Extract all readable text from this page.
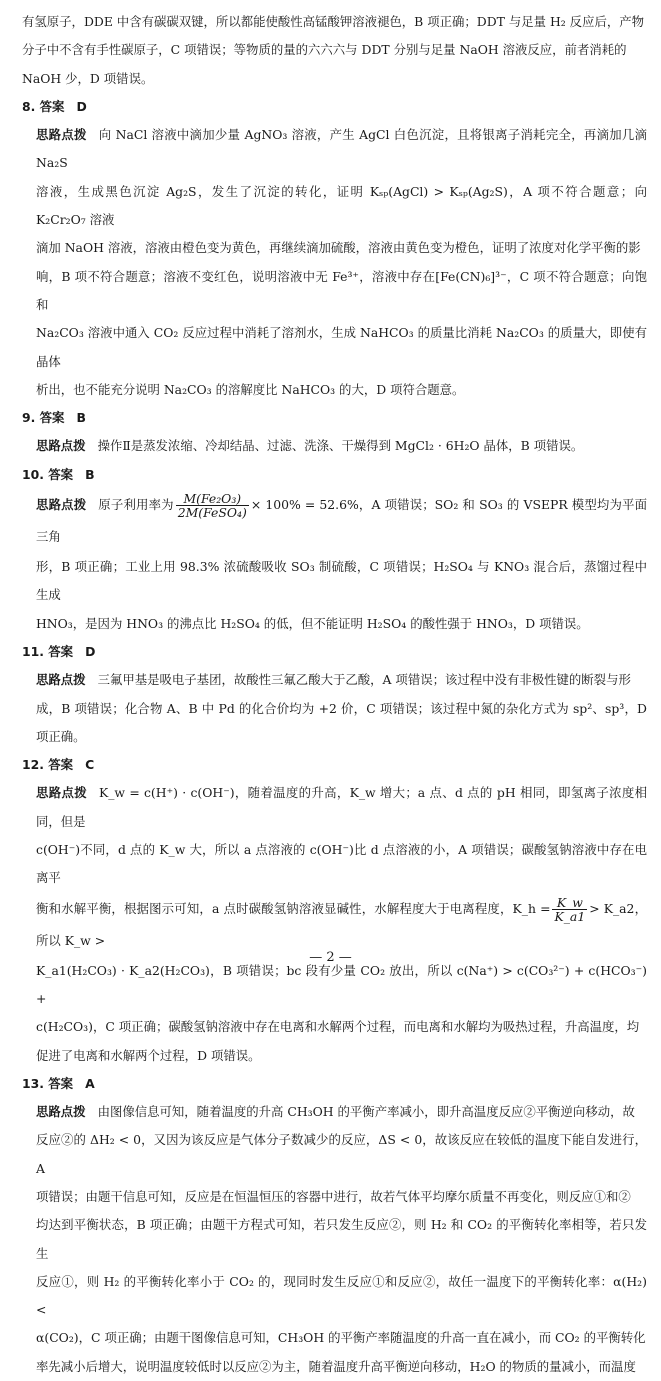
有氢原子，DDE 中含有碳碳双键，所以都能使酸性高锰酸钾溶液褪色，B 项正确；DDT 与足量 H₂ 反应后，产物

分子中不含有手性碳原子，C 项错误；等物质的量的六六六与 DDT 分别与足量 NaOH 溶液反应，前者消耗的

NaOH 少，D 项错误。

8. 答案 D

思路点拨 向 NaCl 溶液中滴加少量 AgNO₃ 溶液，产生 AgCl 白色沉淀，且将银离子消耗完全，再滴加几滴 Na₂S

溶液，生成黑色沉淀 Ag₂S，发生了沉淀的转化，证明 Kₛₚ(AgCl) > Kₛₚ(Ag₂S)，A 项不符合题意；向 K₂Cr₂O₇ 溶液

滴加 NaOH 溶液，溶液由橙色变为黄色，再继续滴加硫酸，溶液由黄色变为橙色，证明了浓度对化学平衡的影

响，B 项不符合题意；溶液不变红色，说明溶液中无 Fe³⁺，溶液中存在[Fe(CN)₆]³⁻，C 项不符合题意；向饱和

Na₂CO₃ 溶液中通入 CO₂ 反应过程中消耗了溶剂水，生成 NaHCO₃ 的质量比消耗 Na₂CO₃ 的质量大，即使有晶体

析出，也不能充分说明 Na₂CO₃ 的溶解度比 NaHCO₃ 的大，D 项符合题意。

9. 答案 B

思路点拨 操作Ⅱ是蒸发浓缩、冷却结晶、过滤、洗涤、干燥得到 MgCl₂ · 6H₂O 晶体，B 项错误。

10. 答案 B

思路点拨 原子利用率为 $\frac{\text{M(Fe₂O₃)}}{\text{2M(FeSO₄)}} \times 100\% = 52.6\%$，A 项错误；SO₂ 和 SO₃ 的 VSEPR 模型均为平面三角

形，B 项正确；工业上用 98.3% 浓硫酸吸收 SO₃ 制硫酸，C 项错误；H₂SO₄ 与 KNO₃ 混合后，蒸馏过程中生成

HNO₃，是因为 HNO₃ 的沸点比 H₂SO₄ 的低，但不能证明 H₂SO₄ 的酸性强于 HNO₃，D 项错误。

11. 答案 D

思路点拨 三氟甲基是吸电子基团，故酸性三氟乙酸大于乙酸，A 项错误；该过程中没有非极性键的断裂与形

成，B 项错误；化合物 A、B 中 Pd 的化合价均为 +2 价，C 项错误；该过程中氮的杂化方式为 sp²、sp³，D 项正确。

12. 答案 C

思路点拨 K_w = c(H⁺) · c(OH⁻)，随着温度的升高，K_w 增大；a 点、d 点的 pH 相同，即氢离子浓度相同，但是

c(OH⁻)不同，d 点的 K_w 大，所以 a 点溶液的 c(OH⁻)比 d 点溶液的小，A 项错误；碳酸氢钠溶液中存在电离平

衡和水解平衡，根据图示可知，a 点时碳酸氢钠溶液显碱性，水解程度大于电离程度，K_h = $\frac{K\_w}{K\_a1}$ > K_a2，所以 K_w >

K_a1(H₂CO₃) · K_a2(H₂CO₃)，B 项错误；bc 段有少量 CO₂ 放出，所以 c(Na⁺) > c(CO₃²⁻) + c(HCO₃⁻) +

c(H₂CO₃)，C 项正确；碳酸氢钠溶液中存在电离和水解两个过程，而电离和水解均为吸热过程，升高温度，均

促进了电离和水解两个过程，D 项错误。

13. 答案 A

思路点拨 由图像信息可知，随着温度的升高 CH₃OH 的平衡产率减小，即升高温度反应②平衡逆向移动，故

反应②的 ΔH₂ < 0，又因为该反应是气体分子数减少的反应，ΔS < 0，故该反应在较低的温度下能自发进行，A

项错误；由题干信息可知，反应是在恒温恒压的容器中进行，故若气体平均摩尔质量不再变化，则反应①和②

均达到平衡状态，B 项正确；由题干方程式可知，若只发生反应②，则 H₂ 和 CO₂ 的平衡转化率相等，若只发生

反应①，则 H₂ 的平衡转化率小于 CO₂ 的，现同时发生反应①和反应②，故任一温度下的平衡转化率：α(H₂) <

α(CO₂)，C 项正确；由题干图像信息可知，CH₃OH 的平衡产率随温度的升高一直在减小，而 CO₂ 的平衡转化

率先减小后增大，说明温度较低时以反应②为主，随着温度升高平衡逆向移动，H₂O 的物质的量减小，而温度

— 2 —
